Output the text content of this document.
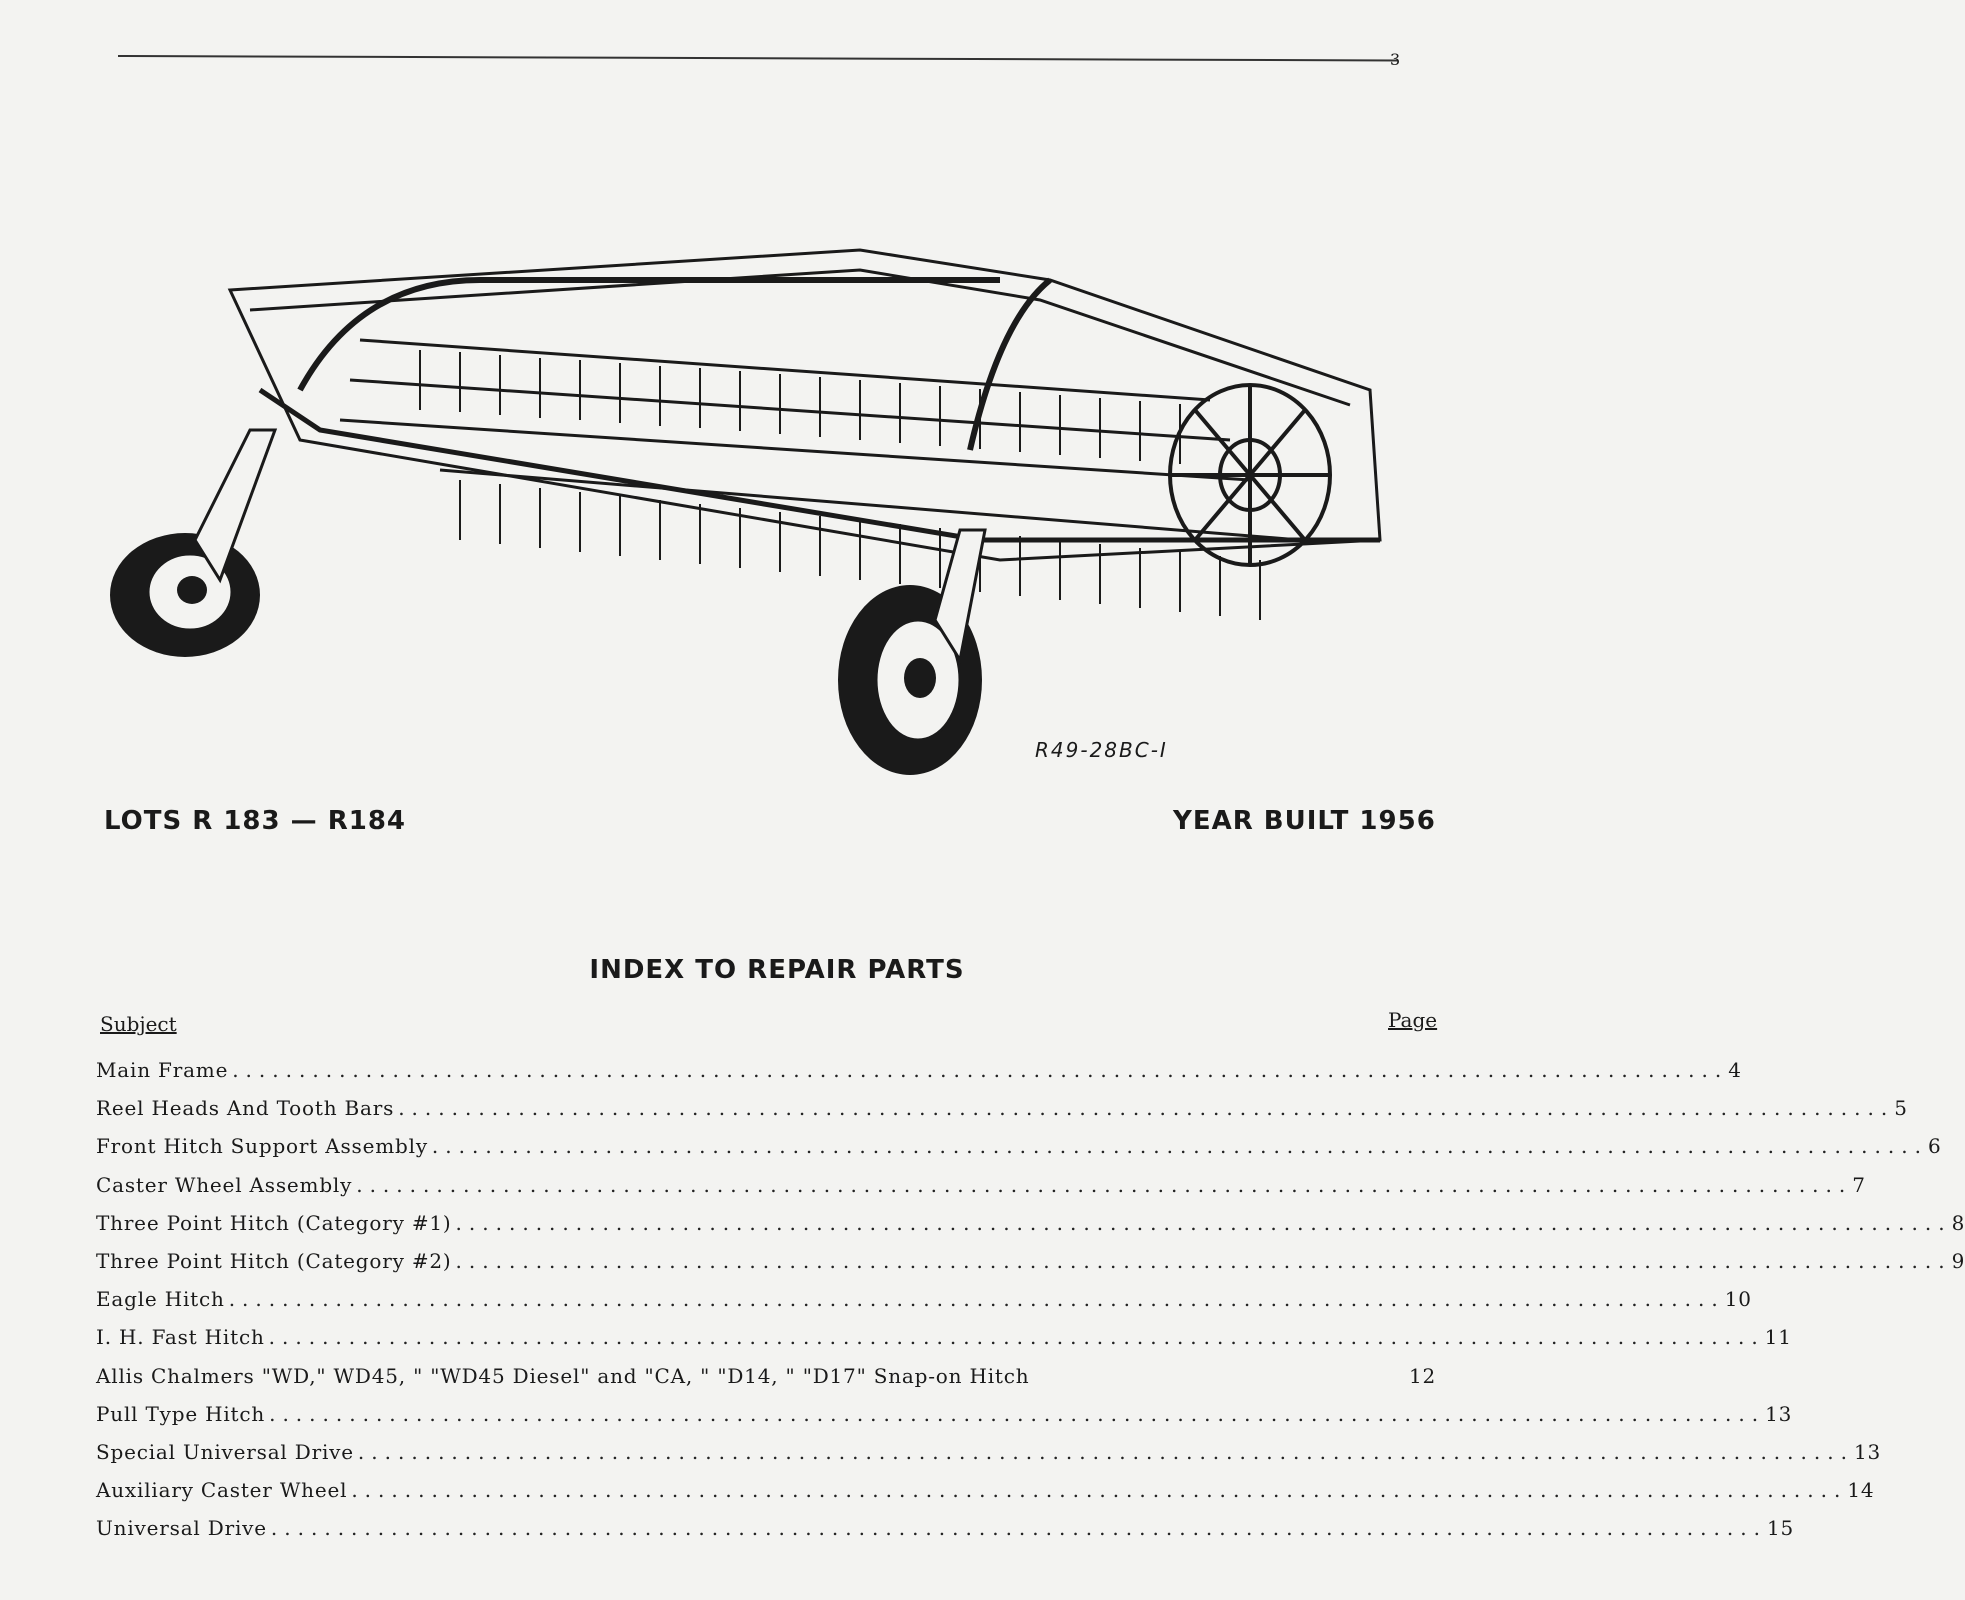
3
R49-28BC-I
LOTS R 183 — R184	YEAR BUILT 1956
INDEX TO REPAIR PARTS
Subject	Page
Main Frame ................................................................................................................ 4
Reel Heads And Tooth Bars ................................................................................................................ 5
Front Hitch Support Assembly ................................................................................................................ 6
Caster Wheel Assembly ................................................................................................................ 7
Three Point Hitch (Category #1) ................................................................................................................ 8
Three Point Hitch (Category #2) ................................................................................................................ 9
Eagle Hitch ................................................................................................................ 10
I. H. Fast Hitch ................................................................................................................ 11
Allis Chalmers "WD," WD45, " "WD45 Diesel" and "CA, " "D14, " "D17" Snap-on Hitch	12
Pull Type Hitch ................................................................................................................ 13
Special Universal Drive ................................................................................................................ 13
Auxiliary Caster Wheel ................................................................................................................ 14
Universal Drive ................................................................................................................ 15
